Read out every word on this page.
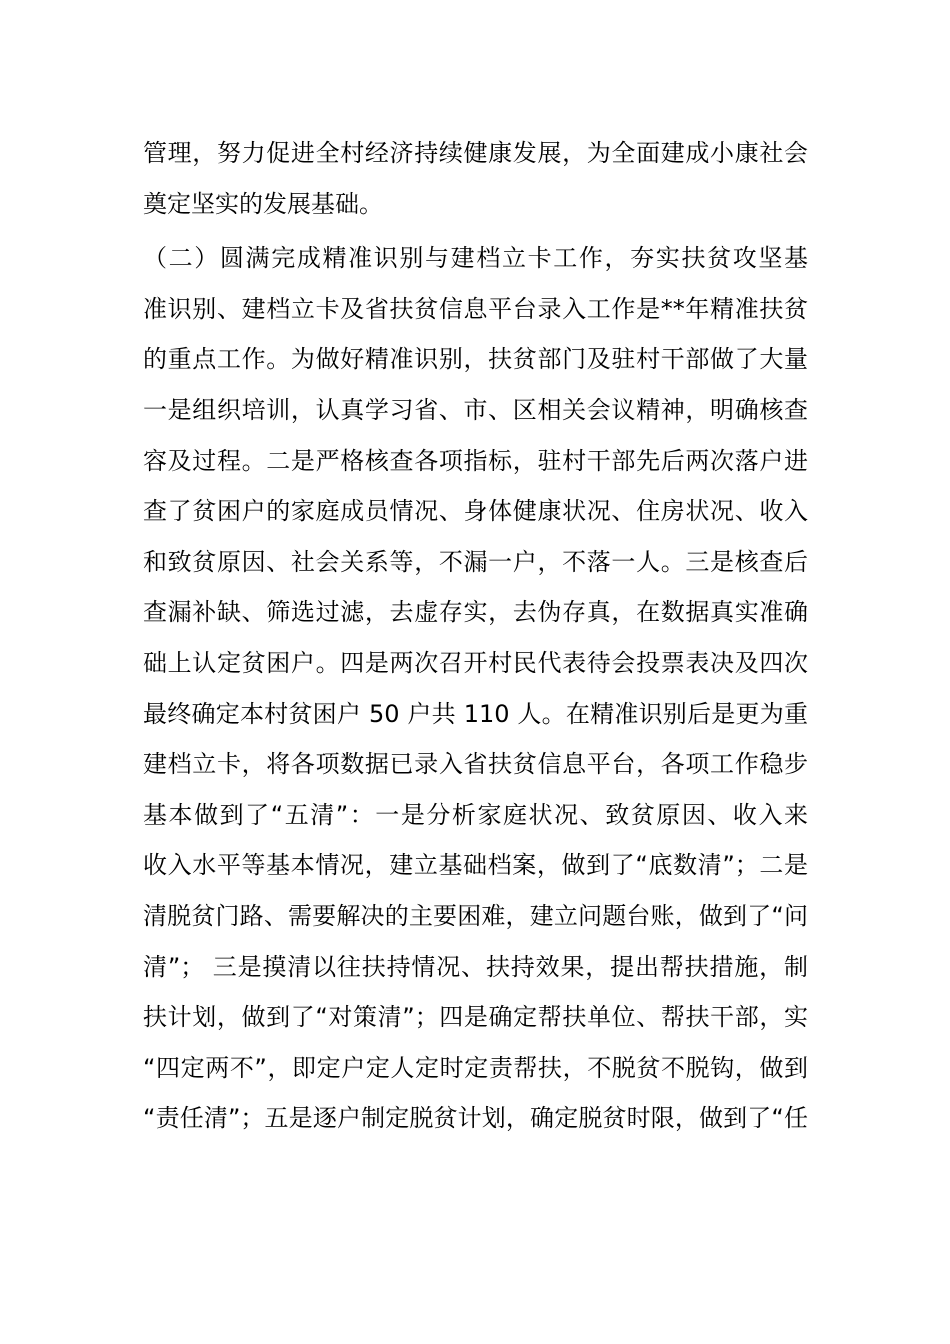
管理，努力促进全村经济持续健康发展，为全面建成小康社会
奠定坚实的发展基础。
（二）圆满完成精准识别与建档立卡工作，夯实扶贫攻坚基
准识别、建档立卡及省扶贫信息平台录入工作是**年精准扶贫
的重点工作。为做好精准识别，扶贫部门及驻村干部做了大量
一是组织培训，认真学习省、市、区相关会议精神，明确核查
容及过程。二是严格核查各项指标，驻村干部先后两次落户进
查了贫困户的家庭成员情况、身体健康状况、住房状况、收入
和致贫原因、社会关系等，不漏一户，不落一人。三是核查后
查漏补缺、筛选过滤，去虚存实，去伪存真，在数据真实准确
础上认定贫困户。四是两次召开村民代表待会投票表决及四次
最终确定本村贫困户 50 户共 110 人。在精准识别后是更为重
建档立卡，将各项数据已录入省扶贫信息平台，各项工作稳步
基本做到了“五清”：一是分析家庭状况、致贫原因、收入来
收入水平等基本情况，建立基础档案，做到了“底数清”；二是
清脱贫门路、需要解决的主要困难，建立问题台账，做到了“问
清”； 三是摸清以往扶持情况、扶持效果，提出帮扶措施，制
扶计划，做到了“对策清”；四是确定帮扶单位、帮扶干部，实
“四定两不”，即定户定人定时定责帮扶，不脱贫不脱钩，做到
“责任清”；五是逐户制定脱贫计划，确定脱贫时限，做到了“任
